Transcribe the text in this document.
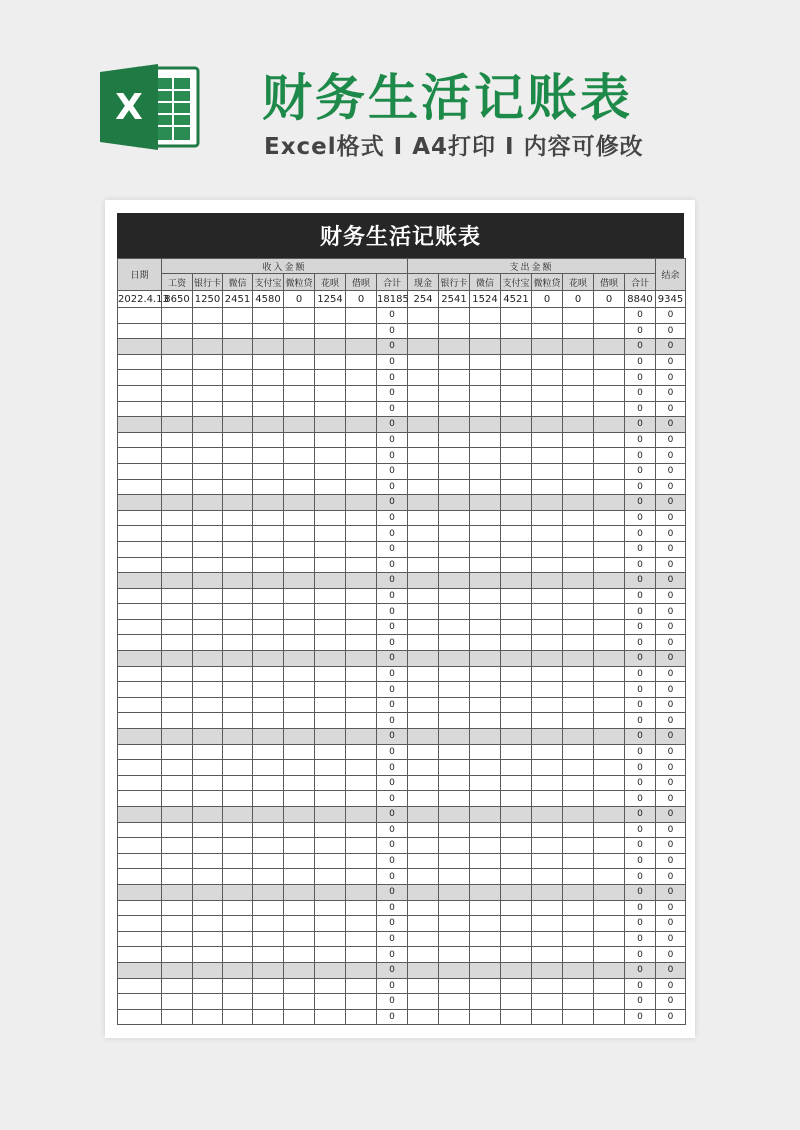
X 财务生活记账表
Excel格式 I A4打印 I 内容可修改
财务生活记账表
日期	收入金额								支出金额								结余
	工资	银行卡	微信	支付宝	微粒贷	花呗	借呗	合计	现金	银行卡	微信	支付宝	微粒贷	花呗	借呗	合计	
2022.4.13	8650	1250	2451	4580	0	1254	0	18185	254	2541	1524	4521	0	0	0	8840	9345
								0								0	0
								0								0	0
								0								0	0
								0								0	0
								0								0	0
								0								0	0
								0								0	0
								0								0	0
								0								0	0
								0								0	0
								0								0	0
								0								0	0
								0								0	0
								0								0	0
								0								0	0
								0								0	0
								0								0	0
								0								0	0
								0								0	0
								0								0	0
								0								0	0
								0								0	0
								0								0	0
								0								0	0
								0								0	0
								0								0	0
								0								0	0
								0								0	0
								0								0	0
								0								0	0
								0								0	0
								0								0	0
								0								0	0
								0								0	0
								0								0	0
								0								0	0
								0								0	0
								0								0	0
								0								0	0
								0								0	0
								0								0	0
								0								0	0
								0								0	0
								0								0	0
								0								0	0
								0								0	0
